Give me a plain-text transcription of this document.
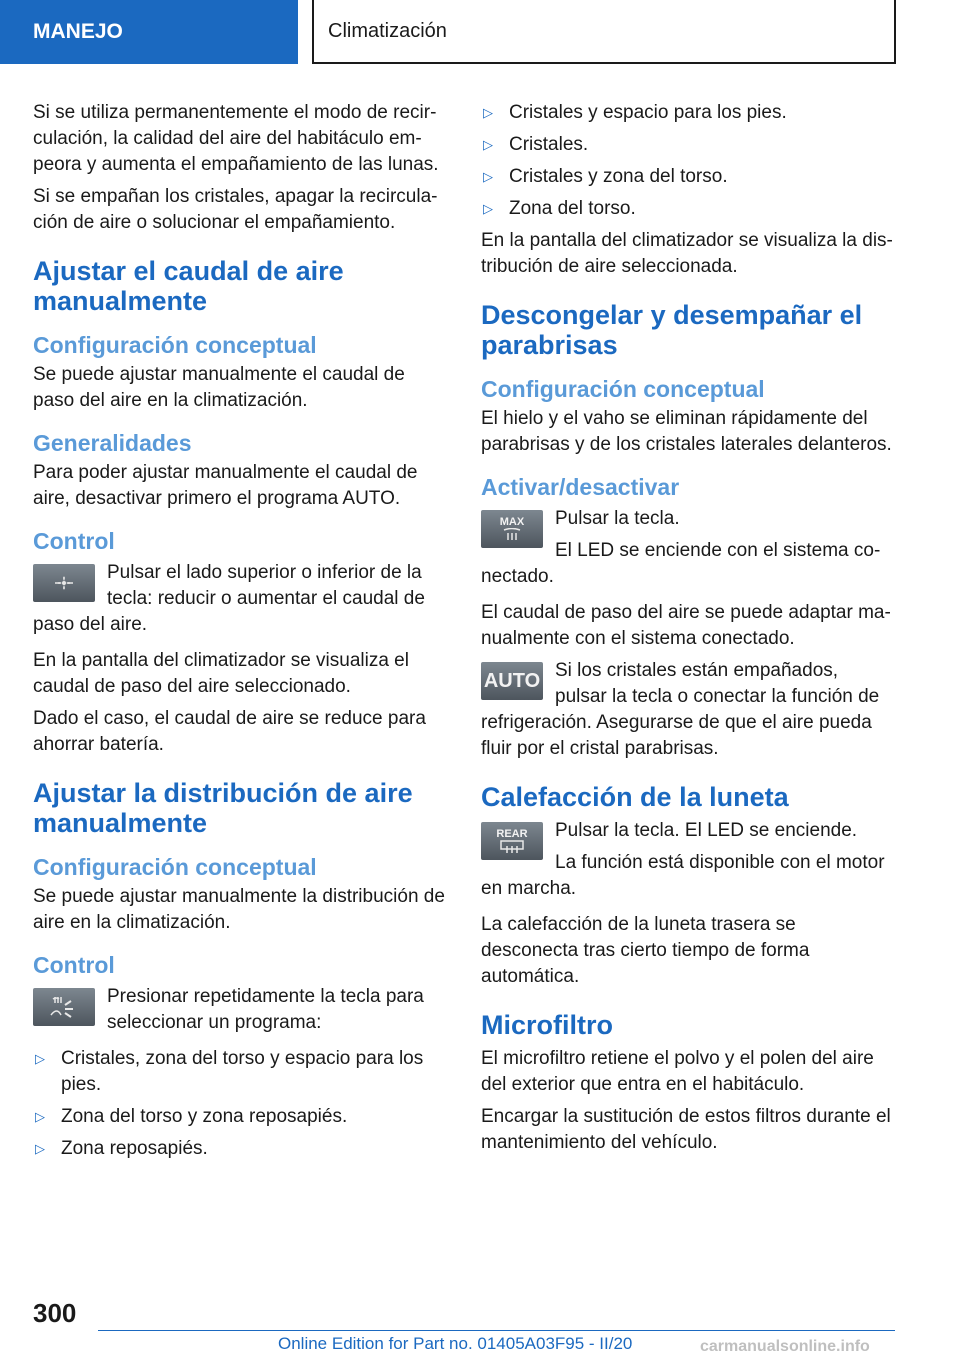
MANEJO	Climatización

Si se utiliza permanentemente el modo de recirculación, la calidad del aire del habitáculo empeora y aumenta el empañamiento de las lunas.

Si se empañan los cristales, apagar la recirculación de aire o solucionar el empañamiento.

Ajustar el caudal de aire manualmente
Configuración conceptual

Se puede ajustar manualmente el caudal de paso del aire en la climatización.

Generalidades

Para poder ajustar manualmente el caudal de aire, desactivar primero el programa AUTO.

Control

Pulsar el lado superior o inferior de la tecla: reducir o aumentar el caudal de paso del aire.

En la pantalla del climatizador se visualiza el caudal de paso del aire seleccionado.

Dado el caso, el caudal de aire se reduce para ahorrar batería.

Ajustar la distribución de aire manualmente
Configuración conceptual

Se puede ajustar manualmente la distribución de aire en la climatización.

Control

Presionar repetidamente la tecla para seleccionar un programa:

▷ Cristales, zona del torso y espacio para los pies.
▷ Zona del torso y zona reposapiés.
▷ Zona reposapiés.
▷ Cristales y espacio para los pies.
▷ Cristales.
▷ Cristales y zona del torso.
▷ Zona del torso.

En la pantalla del climatizador se visualiza la distribución de aire seleccionada.

Descongelar y desempañar el parabrisas
Configuración conceptual

El hielo y el vaho se eliminan rápidamente del parabrisas y de los cristales laterales delanteros.

Activar/desactivar
MAX	Pulsar la tecla.

El LED se enciende con el sistema conectado.

El caudal de paso del aire se puede adaptar manualmente con el sistema conectado.

AUTO Si los cristales están empañados, pulsar la tecla o conectar la función de refrigeración. Asegurarse de que el aire pueda fluir por el cristal parabrisas.

Calefacción de la luneta
REAR	Pulsar la tecla. El LED se enciende.

La función está disponible con el motor en marcha.

La calefacción de la luneta trasera se desconecta tras cierto tiempo de forma automática.

Microfiltro

El microfiltro retiene el polvo y el polen del aire del exterior que entra en el habitáculo.

Encargar la sustitución de estos filtros durante el mantenimiento del vehículo.

300
Online Edition for Part no. 01405A03F95 - II/20	carmanualsonline.info
